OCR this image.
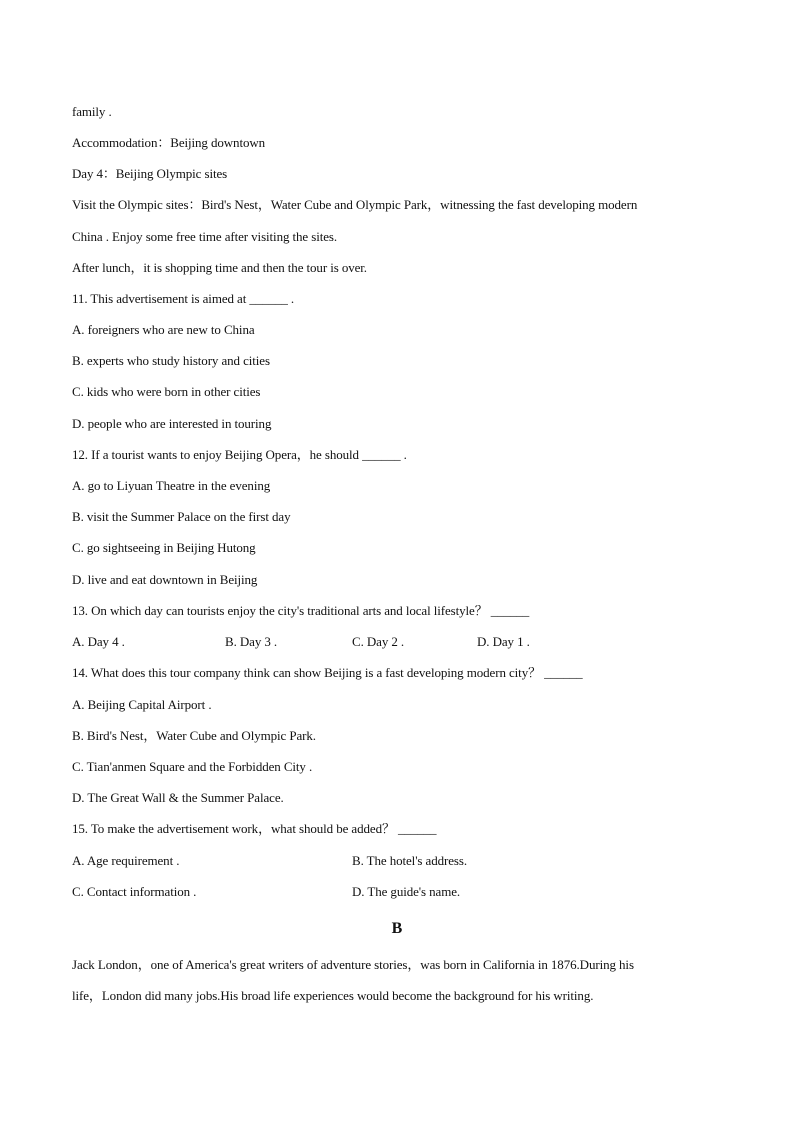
family .
Accommodation：Beijing downtown
Day 4：Beijing Olympic sites
Visit the Olympic sites：Bird's Nest，Water Cube and Olympic Park，witnessing the fast developing modern
China . Enjoy some free time after visiting the sites.
After lunch，it is shopping time and then the tour is over.
11. This advertisement is aimed at ______ .
A. foreigners who are new to China
B. experts who study history and cities
C. kids who were born in other cities
D. people who are interested in touring
12. If a tourist wants to enjoy Beijing Opera，he should ______ .
A. go to Liyuan Theatre in the evening
B. visit the Summer Palace on the first day
C. go sightseeing in Beijing Hutong
D. live and eat downtown in Beijing
13. On which day can tourists enjoy the city's traditional arts and local lifestyle？ ______
A. Day 4 .	B. Day 3 .	C. Day 2 .	D. Day 1 .
14. What does this tour company think can show Beijing is a fast developing modern city？ ______
A. Beijing Capital Airport .
B. Bird's Nest，Water Cube and Olympic Park.
C. Tian'anmen Square and the Forbidden City .
D. The Great Wall & the Summer Palace.
15. To make the advertisement work，what should be added？ ______
A. Age requirement .	B. The hotel's address.
C. Contact information .	D. The guide's name.
B
Jack London，one of America's great writers of adventure stories，was born in California in 1876.During his
life，London did many jobs.His broad life experiences would become the background for his writing.
